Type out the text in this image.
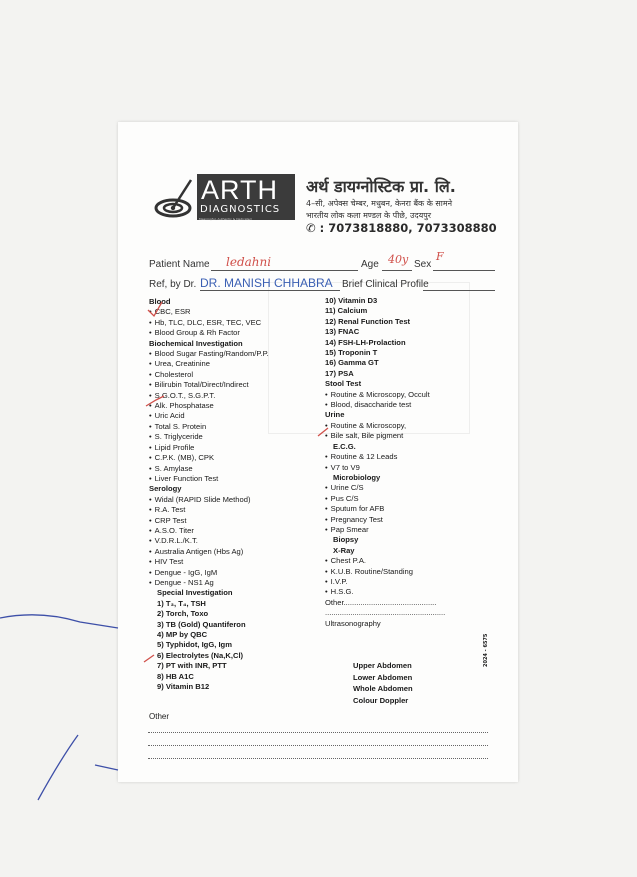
ARTH
DIAGNOSTICS
Meaningful, Authentic & Dedicated
अर्थ डायग्नोस्टिक प्रा. लि.
4–सी, अपेक्स चेम्बर, मधुबन, केनरा बैंक के सामने
भारतीय लोक कला मण्डल के पीछे, उदयपुर
✆ : 7073818880, 7073308880
Patient Name ledahni	Age 40y Sex
F
Ref, by Dr. DR. MANISH CHHABRA Brief Clinical Profile
Blood
• CBC, ESR
• Hb, TLC, DLC, ESR, TEC, VEC
• Blood Group & Rh Factor
Biochemical Investigation
• Blood Sugar Fasting/Random/P.P.
• Urea, Creatinine
• Cholesterol
• Bilirubin Total/Direct/Indirect
• S.G.O.T., S.G.P.T.
• Alk. Phosphatase
• Uric Acid
• Total S. Protein
• S. Triglyceride
• Lipid Profile
• C.P.K. (MB), CPK
• S. Amylase
• Liver Function Test
Serology
• Widal (RAPID Slide Method)
• R.A. Test
• CRP Test
• A.S.O. Titer
• V.D.R.L./K.T.
• Australia Antigen (Hbs Ag)
• HIV Test
• Dengue - IgG, IgM
• Dengue - NS1 Ag
Special Investigation
1) T₃, T₄, TSH
2) Torch, Toxo
3) TB (Gold) Quantiferon
4) MP by QBC
5) Typhidot, IgG, Igm
6) Electrolytes (Na,K,Cl)
7) PT with INR, PTT
8) HB A1C
9) Vitamin B12
10) Vitamin D3
11) Calcium
12) Renal Function Test
13) FNAC
14) FSH-LH-Prolaction
15) Troponin T
16) Gamma GT
17) PSA
Stool Test
• Routine & Microscopy, Occult
• Blood, disaccharide test
Urine
• Routine & Microscopy,
• Bile salt, Bile pigment
E.C.G.
• Routine & 12 Leads
• V7 to V9
Microbiology
• Urine C/S
• Pus C/S
• Sputum for AFB
• Pregnancy Test
• Pap Smear
Biopsy
X-Ray
• Chest P.A.
• K.U.B. Routine/Standing
• I.V.P.
• H.S.G.
Other............................................
.........................................................
Ultrasonography
Upper Abdomen
Lower Abdomen
Whole Abdomen
Colour Doppler
2024 - 6575
Other
